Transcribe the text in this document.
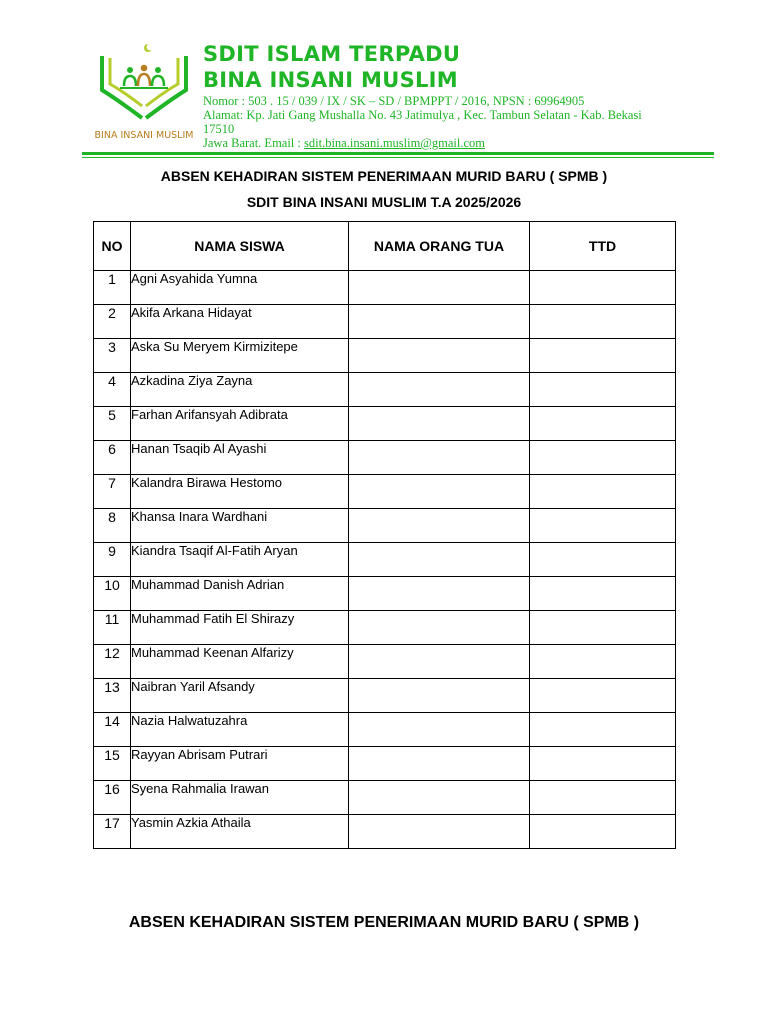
BINA INSANI MUSLIM
SDIT ISLAM TERPADU
BINA INSANI MUSLIM
Nomor : 503 . 15 / 039 / IX / SK – SD / BPMPPT / 2016, NPSN : 69964905
Alamat: Kp. Jati Gang Mushalla No. 43 Jatimulya , Kec. Tambun Selatan - Kab. Bekasi
17510
Jawa Barat. Email : sdit.bina.insani.muslim@gmail.com
ABSEN KEHADIRAN SISTEM PENERIMAAN MURID BARU ( SPMB )
SDIT BINA INSANI MUSLIM T.A 2025/2026
NO	NAMA SISWA	NAMA ORANG TUA	TTD
1	Agni Asyahida Yumna		
2	Akifa Arkana Hidayat		
3	Aska Su Meryem Kirmizitepe		
4	Azkadina Ziya Zayna		
5	Farhan Arifansyah Adibrata		
6	Hanan Tsaqib Al Ayashi		
7	Kalandra Birawa Hestomo		
8	Khansa Inara Wardhani		
9	Kiandra Tsaqif Al-Fatih Aryan		
10	Muhammad Danish Adrian		
11	Muhammad Fatih El Shirazy		
12	Muhammad Keenan Alfarizy		
13	Naibran Yaril Afsandy		
14	Nazia Halwatuzahra		
15	Rayyan Abrisam Putrari		
16	Syena Rahmalia Irawan		
17	Yasmin Azkia Athaila		
ABSEN KEHADIRAN SISTEM PENERIMAAN MURID BARU ( SPMB )
